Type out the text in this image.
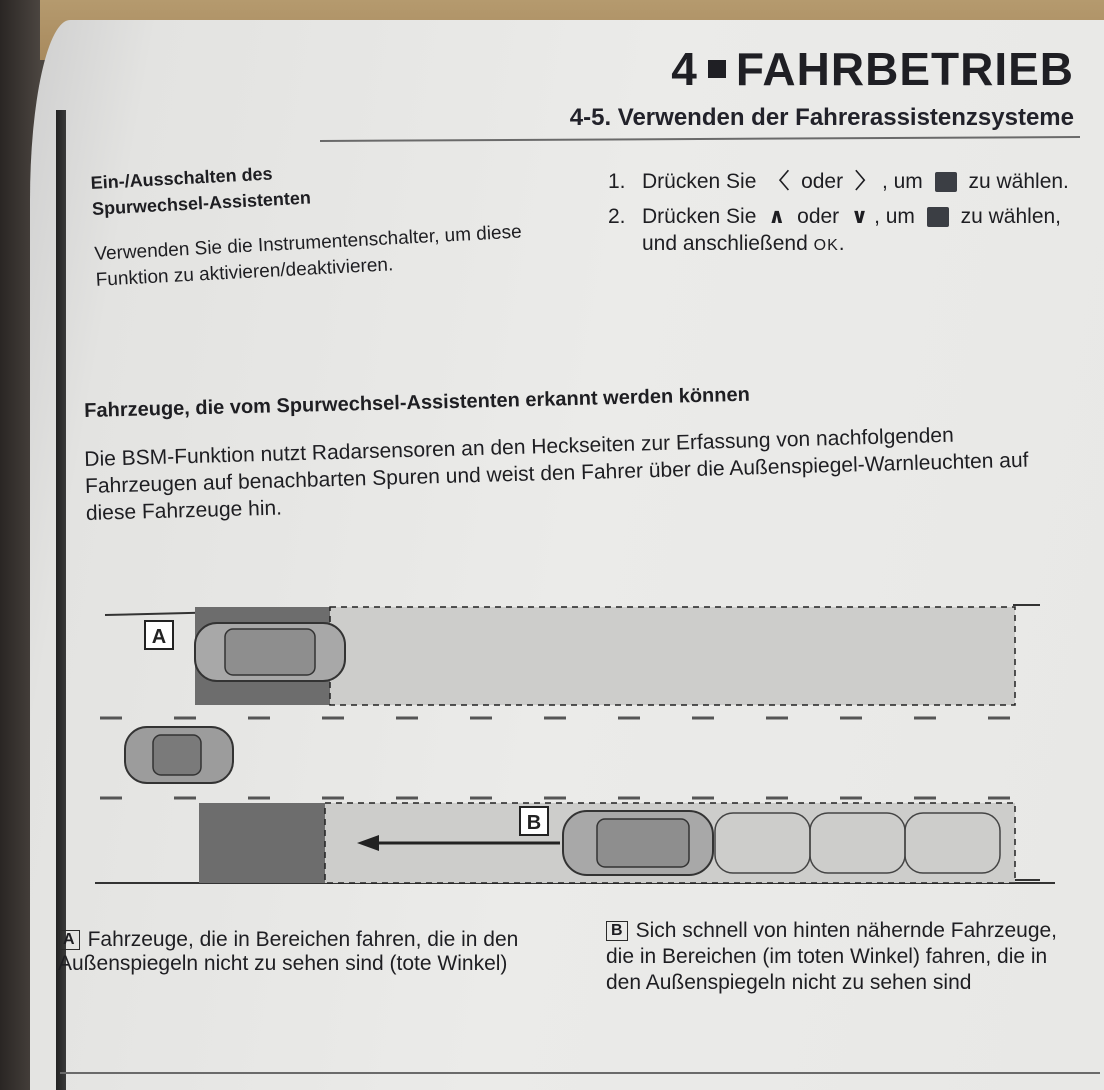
4 FAHRBETRIEB
4-5. Verwenden der Fahrerassistenzsysteme

Ein-/Ausschalten des
Spurwechsel-Assistenten

Verwenden Sie die Instrumentenschalter, um diese Funktion zu aktivieren/deaktivieren.
1. Drücken Sie 〈 oder 〉 , um zu wählen.
2. Drücken Sie ∧ oder ∨ , um zu wählen, und anschließend OK.
Fahrzeuge, die vom Spurwechsel-Assistenten erkannt werden können
Die BSM-Funktion nutzt Radarsensoren an den Heckseiten zur Erfassung von nachfolgenden Fahrzeugen auf benachbarten Spuren und weist den Fahrer über die Außenspiegel-Warnleuchten auf diese Fahrzeuge hin.
A
B
A Fahrzeuge, die in Bereichen fahren, die in den Außenspiegeln nicht zu sehen sind (tote Winkel)
B Sich schnell von hinten nähernde Fahrzeuge, die in Bereichen (im toten Winkel) fahren, die in den Außenspiegeln nicht zu sehen sind
